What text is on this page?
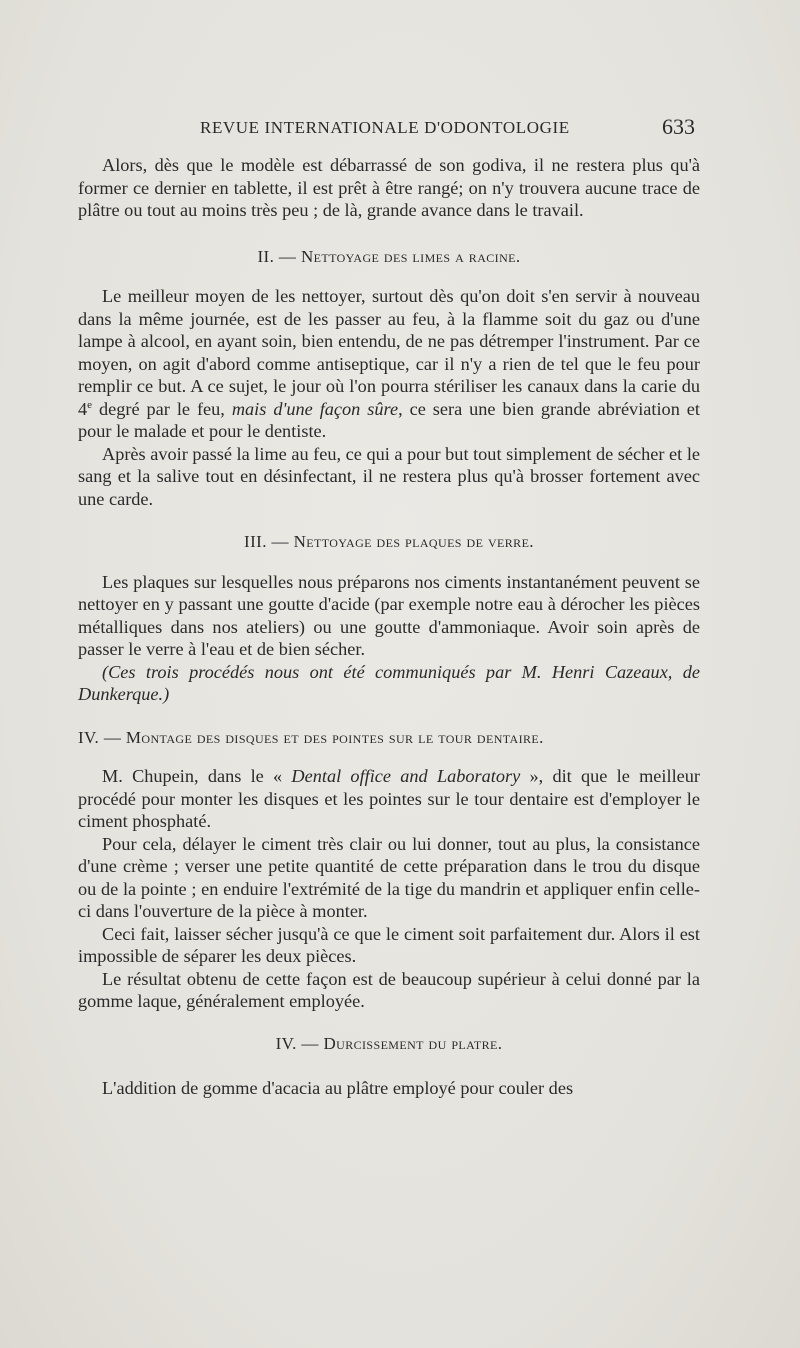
REVUE INTERNATIONALE D'ODONTOLOGIE	633

Alors, dès que le modèle est débarrassé de son godiva, il ne restera plus qu'à former ce dernier en tablette, il est prêt à être rangé; on n'y trouvera aucune trace de plâtre ou tout au moins très peu ; de là, grande avance dans le travail.

II. — Nettoyage des limes a racine.

Le meilleur moyen de les nettoyer, surtout dès qu'on doit s'en servir à nouveau dans la même journée, est de les passer au feu, à la flamme soit du gaz ou d'une lampe à alcool, en ayant soin, bien entendu, de ne pas détremper l'instrument. Par ce moyen, on agit d'abord comme antiseptique, car il n'y a rien de tel que le feu pour remplir ce but. A ce sujet, le jour où l'on pourra stériliser les canaux dans la carie du 4e degré par le feu, mais d'une façon sûre, ce sera une bien grande abréviation et pour le malade et pour le dentiste.

Après avoir passé la lime au feu, ce qui a pour but tout simplement de sécher et le sang et la salive tout en désinfectant, il ne restera plus qu'à brosser fortement avec une carde.

III. — Nettoyage des plaques de verre.

Les plaques sur lesquelles nous préparons nos ciments instantanément peuvent se nettoyer en y passant une goutte d'acide (par exemple notre eau à dérocher les pièces métalliques dans nos ateliers) ou une goutte d'ammoniaque. Avoir soin après de passer le verre à l'eau et de bien sécher.

(Ces trois procédés nous ont été communiqués par M. Henri Cazeaux, de Dunkerque.)

IV. — Montage des disques et des pointes sur le tour dentaire.

M. Chupein, dans le « Dental office and Laboratory », dit que le meilleur procédé pour monter les disques et les pointes sur le tour dentaire est d'employer le ciment phosphaté.

Pour cela, délayer le ciment très clair ou lui donner, tout au plus, la consistance d'une crème ; verser une petite quantité de cette préparation dans le trou du disque ou de la pointe ; en enduire l'extrémité de la tige du mandrin et appliquer enfin celle-ci dans l'ouverture de la pièce à monter.

Ceci fait, laisser sécher jusqu'à ce que le ciment soit parfaitement dur. Alors il est impossible de séparer les deux pièces.

Le résultat obtenu de cette façon est de beaucoup supérieur à celui donné par la gomme laque, généralement employée.

IV. — Durcissement du platre.

L'addition de gomme d'acacia au plâtre employé pour couler des
